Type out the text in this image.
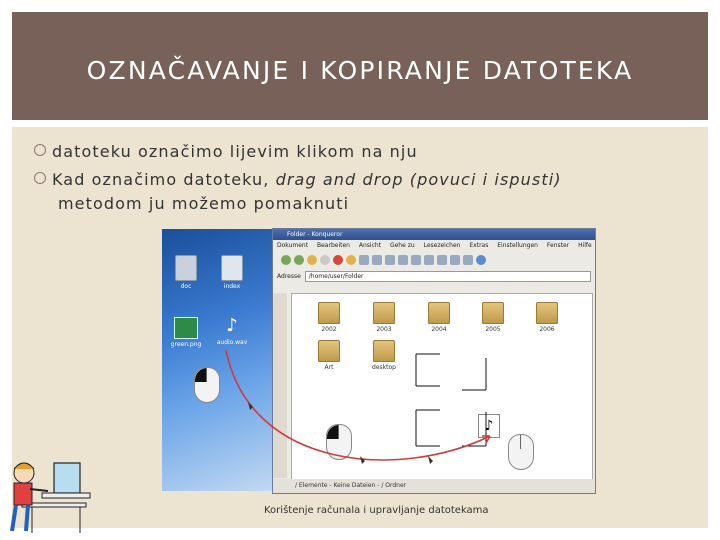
OZNAČAVANJE I KOPIRANJE DATOTEKA
datoteku označimo lijevim klikom na nju
Kad označimo datoteku, drag and drop (povuci i ispusti)
metodom ju možemo pomaknuti
doc	index
green.png
♪
audio.wav
Folder - Konqueror
Dokument Bearbeiten Ansicht Gehe zu Lesezeichen Extras Einstellungen Fenster Hilfe
Adresse	/home/user/Folder
2002	2003	2004	2005	2006
Art	desktop
♪
/ Elemente - Keine Dateien - / Ordner
Korištenje računala i upravljanje datotekama
